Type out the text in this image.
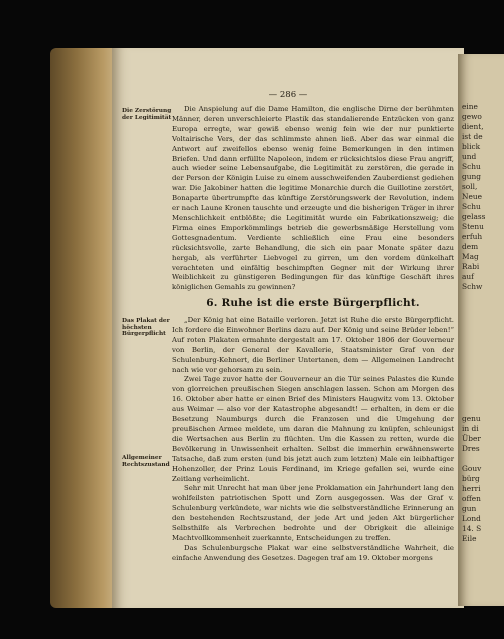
— 286 —
Die Zerstörung der Legitimität

Die Anspielung auf die Dame Hamilton, die englische Dirne der berühmten Männer, deren unverschleierte Plastik das standalierende Entzücken von ganz Europa erregte, war gewiß ebenso wenig fein wie der nur punktierte Voltairische Vers, der das schlimmste ahnen ließ. Aber das war einmal die Antwort auf zweifellos ebenso wenig feine Bemerkungen in den intimen Briefen. Und dann erfüllte Napoleon, indem er rücksichtslos diese Frau angriff, auch wieder seine Lebensaufgabe, die Legitimität zu zerstören, die gerade in der Person der Königin Luise zu einem ausschweifenden Zauberdienst gediehen war. Die Jakobiner hatten die legitime Monarchie durch die Guillotine zerstört, Bonaparte übertrumpfte das künftige Zerstörungswerk der Revolution, indem er nach Laune Kronen tauschte und erzeugte und die bisherigen Träger in ihrer Menschlichkeit entblößte; die Legitimität wurde ein Fabrikationszweig; die Firma eines Emporkömmlings betrieb die gewerbsmäßige Herstellung vom Gottesgnadentum. Verdiente schließlich eine Frau eine besonders rücksichtsvolle, zarte Behandlung, die sich ein paar Monate später dazu hergab, als verführter Liebvogel zu girren, um den vordem dünkelhaft verachteten und einfältig beschimpften Gegner mit der Wirkung ihrer Weiblichkeit zu günstigeren Bedingungen für das künftige Geschäft ihres königlichen Gemahls zu gewinnen?

6. Ruhe ist die erste Bürgerpflicht.
Das Plakat der höchsten Bürgerpflicht
Allgemeiner Rechtszustand

„Der König hat eine Bataille verloren. Jetzt ist Ruhe die erste Bürgerpflicht. Ich fordere die Einwohner Berlins dazu auf. Der König und seine Brüder leben!“ Auf roten Plakaten ermahnte dergestalt am 17. Oktober 1806 der Gouverneur von Berlin, der General der Kavallerie, Staatsminister Graf von der Schulenburg-Kehnert, die Berliner Untertanen, dem — Allgemeinen Landrecht nach wie vor gehorsam zu sein.

Zwei Tage zuvor hatte der Gouverneur an die Tür seines Palastes die Kunde von glorreichen preußischen Siegen anschlagen lassen. Schon am Morgen des 16. Oktober aber hatte er einen Brief des Ministers Haugwitz vom 13. Oktober aus Weimar — also vor der Katastrophe abgesandt! — erhalten, in dem er die Besetzung Naumburgs durch die Franzosen und die Umgehung der preußischen Armee meldete, um daran die Mahnung zu knüpfen, schleunigst die Wertsachen aus Berlin zu flüchten. Um die Kassen zu retten, wurde die Bevölkerung in Unwissenheit erhalten. Selbst die immerhin erwähnenswerte Tatsache, daß zum ersten (und bis jetzt auch zum letzten) Male ein leibhaftiger Hohenzoller, der Prinz Louis Ferdinand, im Kriege gefallen sei, wurde eine Zeitlang verheimlicht.

Sehr mit Unrecht hat man über jene Proklamation ein Jahrhundert lang den wohlfeilsten patriotischen Spott und Zorn ausgegossen. Was der Graf v. Schulenburg verkündete, war nichts wie die selbstverständliche Erinnerung an den bestehenden Rechtszustand, der jede Art und jeden Akt bürgerlicher Selbsthilfe als Verbrechen bedrohte und der Obrigkeit die alleinige Machtvollkommenheit zuerkannte, Entscheidungen zu treffen.

Das Schulenburgsche Plakat war eine selbstverständliche Wahrheit, die einfache Anwendung des Gesetzes. Dagegen traf am 19. Oktober morgens

eine
gewo
dient,
ist de
blick
und
Schu
gung
soll,
Neue
Schu
gelass
Stenu
erfuh
dem
Mag
Rabi
auf
Schw
genu
in di
Über
Dres
Gouv
bürg
herri
offen
gun
Lond
14. S
Eile
